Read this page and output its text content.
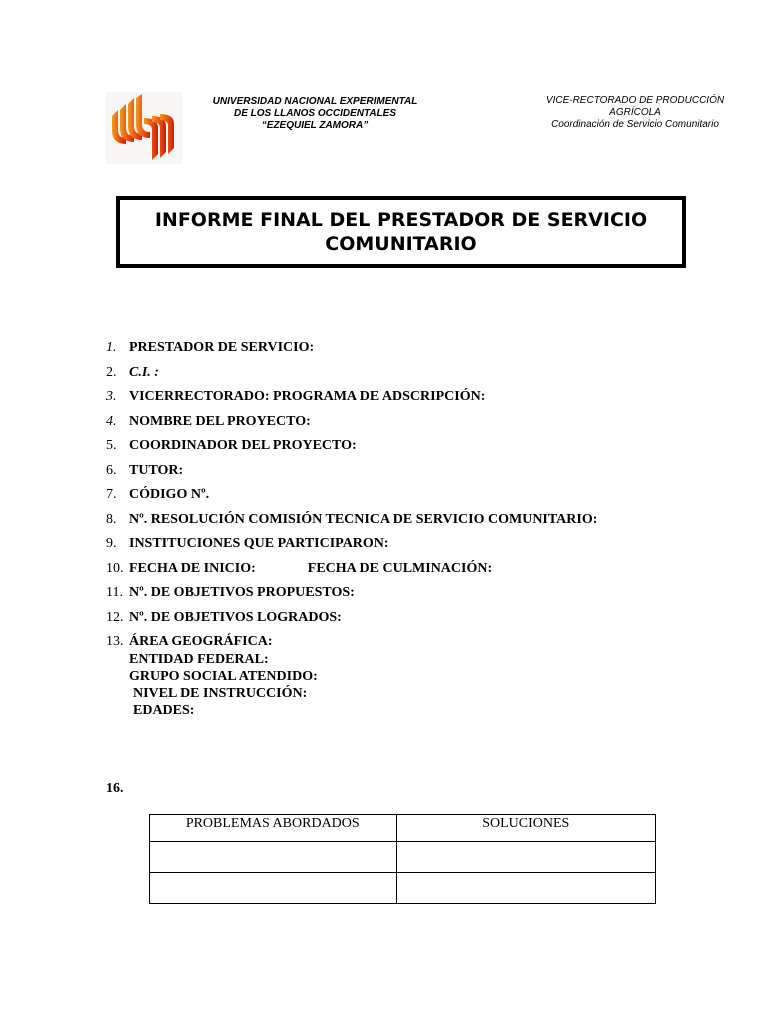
UNIVERSIDAD NACIONAL EXPERIMENTAL
DE LOS LLANOS OCCIDENTALES
“EZEQUIEL ZAMORA”
VICE-RECTORADO DE PRODUCCIÓN
AGRÍCOLA
Coordinación de Servicio Comunitario
INFORME FINAL DEL PRESTADOR DE SERVICIO
COMUNITARIO
1. PRESTADOR DE SERVICIO:
2. C.I. :
3. VICERRECTORADO: PROGRAMA DE ADSCRIPCIÓN:
4. NOMBRE DEL PROYECTO:
5. COORDINADOR DEL PROYECTO:
6. TUTOR:
7. CÓDIGO Nº.
8. Nº. RESOLUCIÓN COMISIÓN TECNICA DE SERVICIO COMUNITARIO:
9. INSTITUCIONES QUE PARTICIPARON:
10. FECHA DE INICIO:	FECHA DE CULMINACIÓN:
11. Nº. DE OBJETIVOS PROPUESTOS:
12. Nº. DE OBJETIVOS LOGRADOS:
13. ÁREA GEOGRÁFICA:
ENTIDAD FEDERAL:
GRUPO SOCIAL ATENDIDO:
NIVEL DE INSTRUCCIÓN:
EDADES:
16.
PROBLEMAS ABORDADOS	SOLUCIONES
